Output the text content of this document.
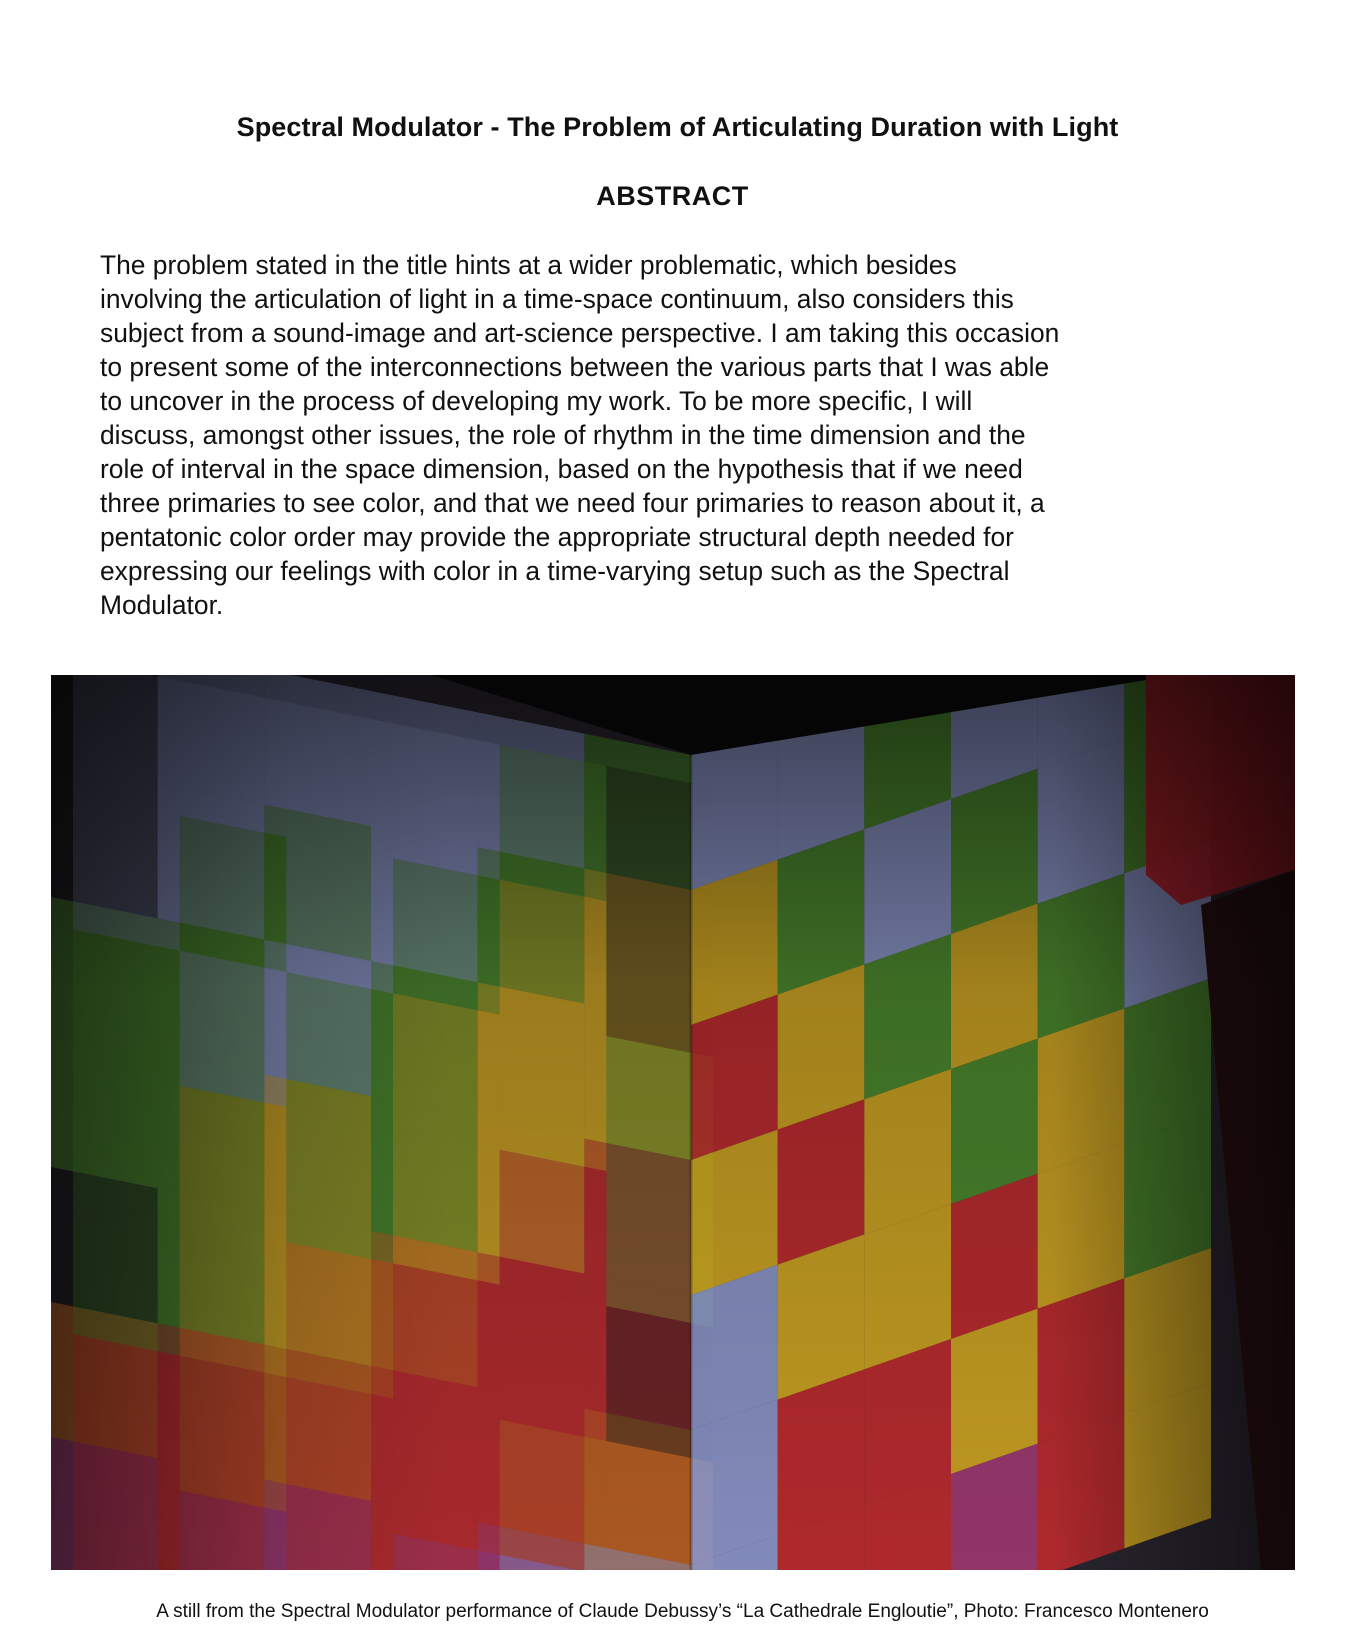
Spectral Modulator - The Problem of Articulating Duration with Light
ABSTRACT
The problem stated in the title hints at a wider problematic, which besides
involving the articulation of light in a time-space continuum, also considers this
subject from a sound-image and art-science perspective. I am taking this occasion
to present some of the interconnections between the various parts that I was able
to uncover in the process of developing my work. To be more specific, I will
discuss, amongst other issues, the role of rhythm in the time dimension and the
role of interval in the space dimension, based on the hypothesis that if we need
three primaries to see color, and that we need four primaries to reason about it, a
pentatonic color order may provide the appropriate structural depth needed for
expressing our feelings with color in a time-varying setup such as the Spectral
Modulator.
A still from the Spectral Modulator performance of Claude Debussy’s “La Cathedrale Engloutie”, Photo: Francesco Montenero
